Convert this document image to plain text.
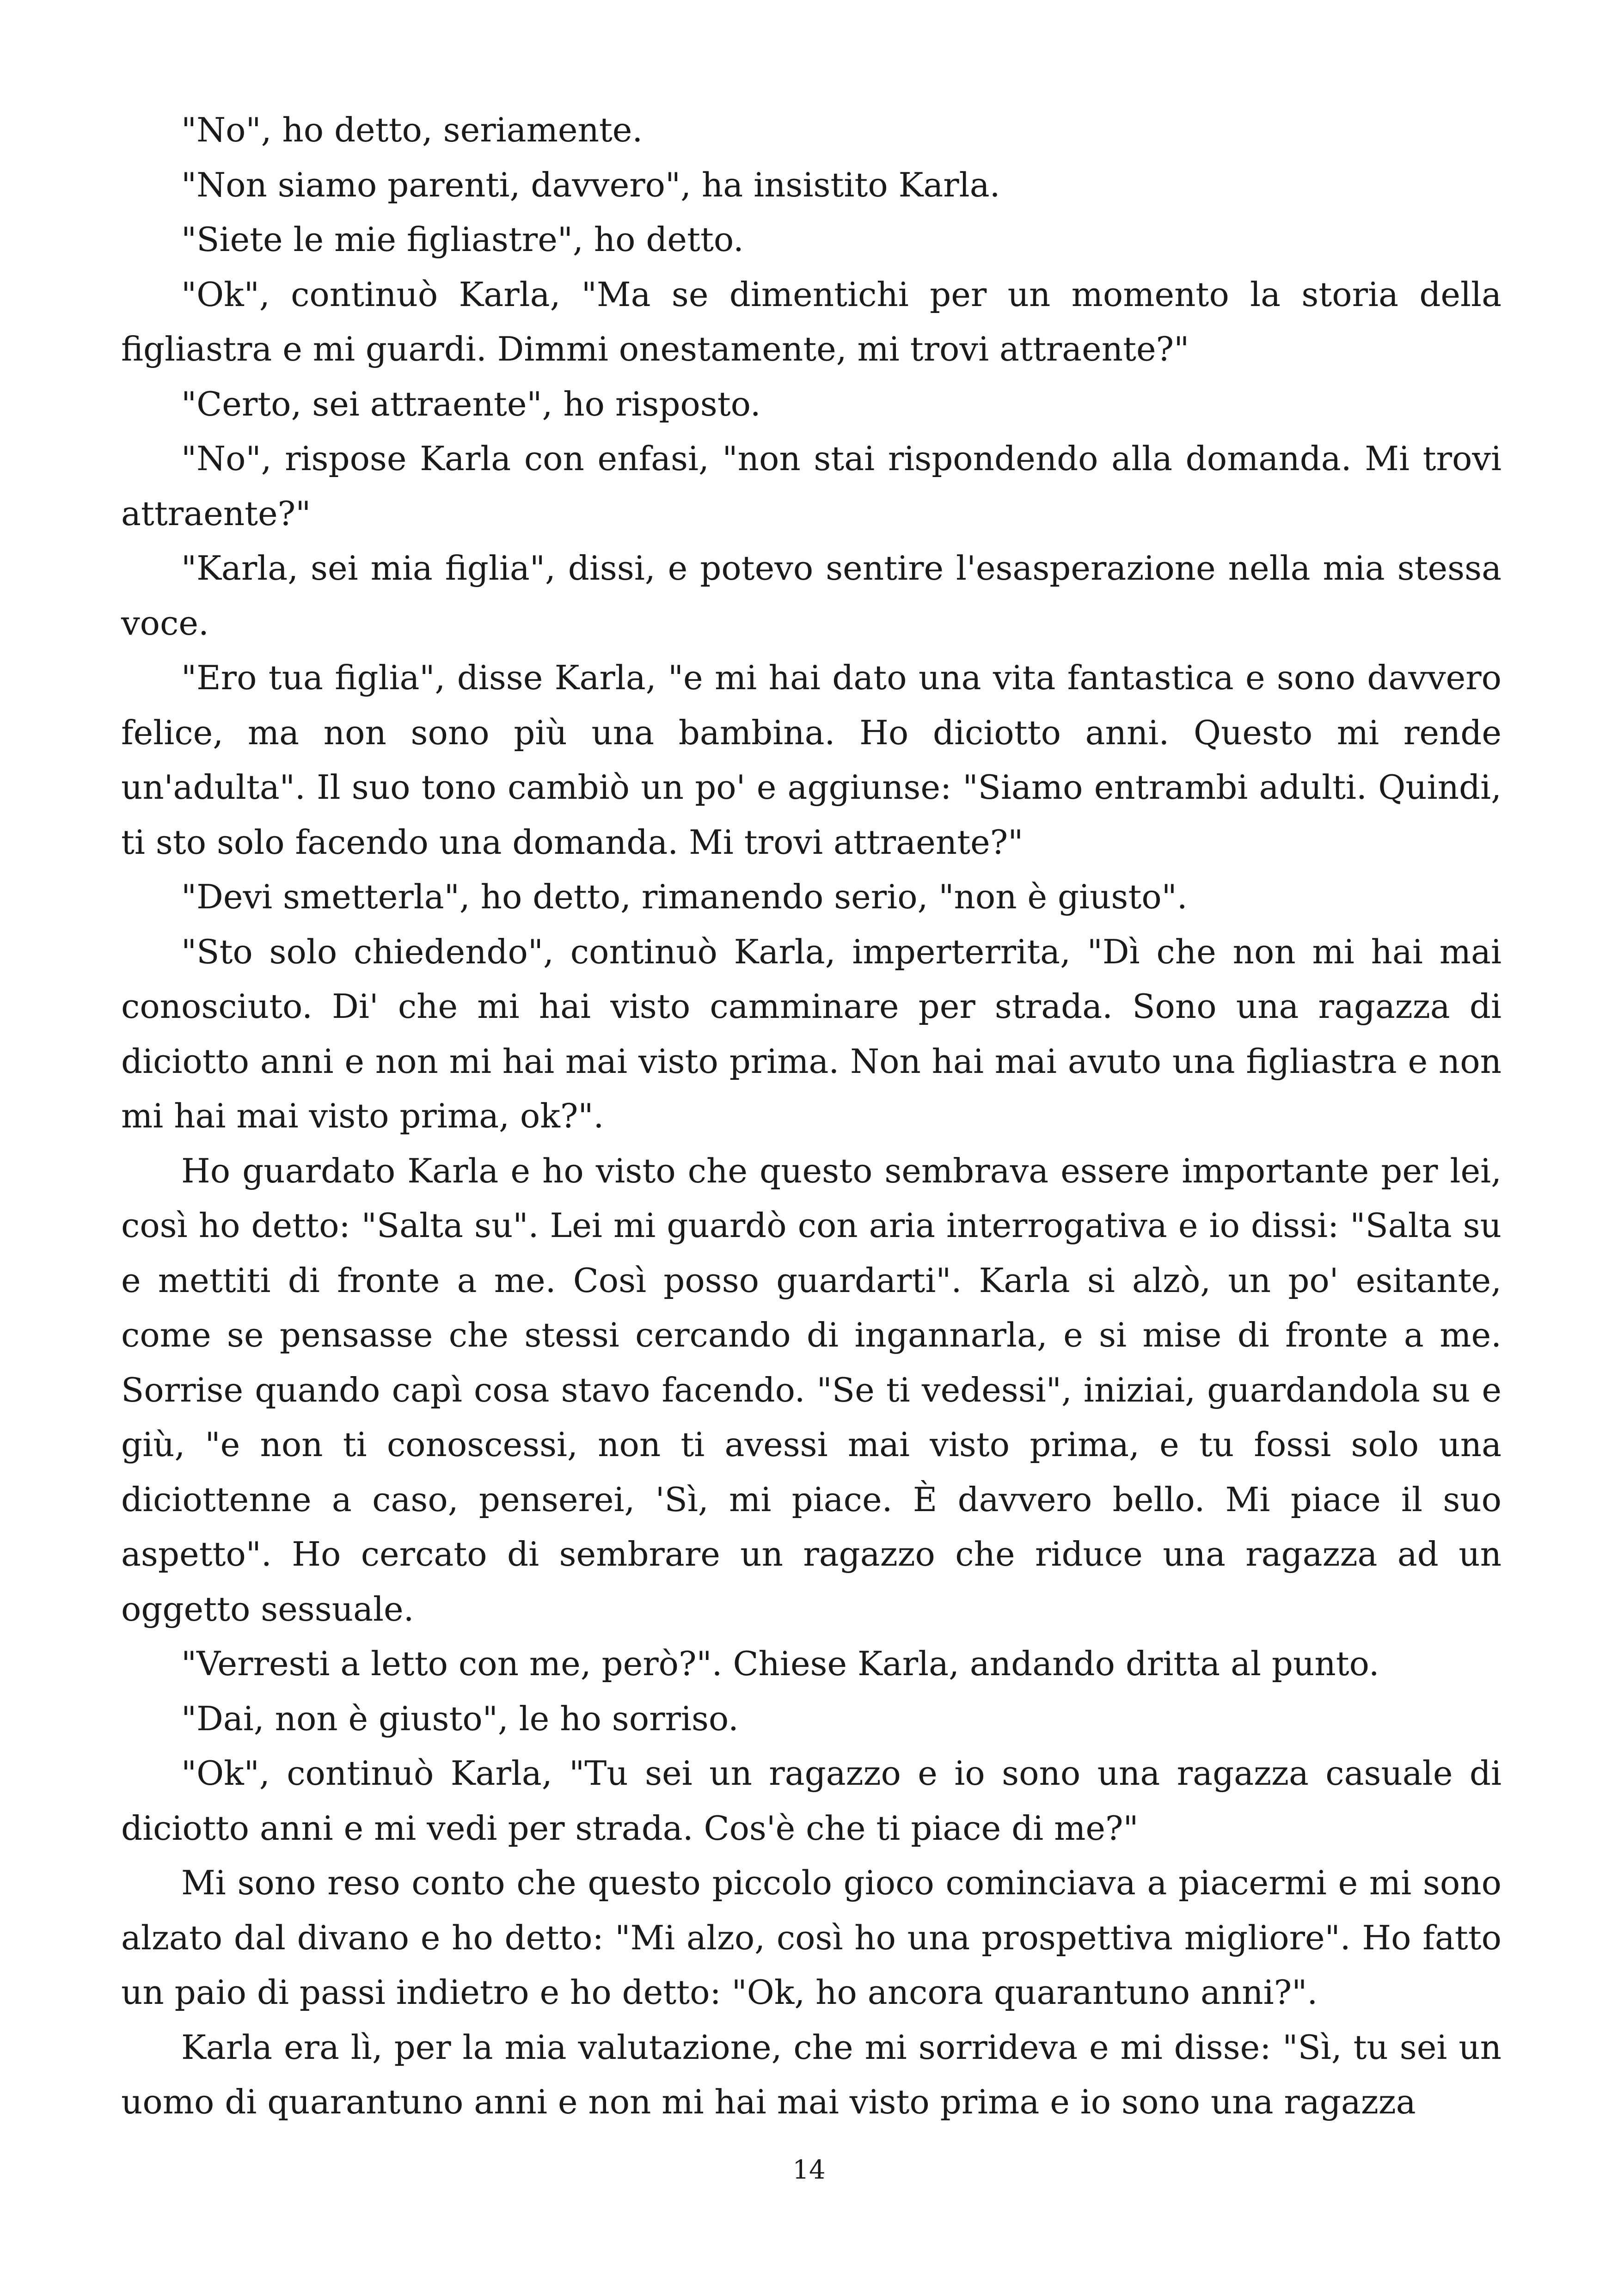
"No", ho detto, seriamente.

"Non siamo parenti, davvero", ha insistito Karla.

"Siete le mie figliastre", ho detto.

"Ok", continuò Karla, "Ma se dimentichi per un momento la storia della figliastra e mi guardi. Dimmi onestamente, mi trovi attraente?"

"Certo, sei attraente", ho risposto.

"No", rispose Karla con enfasi, "non stai rispondendo alla domanda. Mi trovi attraente?"

"Karla, sei mia figlia", dissi, e potevo sentire l'esasperazione nella mia stessa voce.

"Ero tua figlia", disse Karla, "e mi hai dato una vita fantastica e sono davvero felice, ma non sono più una bambina. Ho diciotto anni. Questo mi rende un'adulta". Il suo tono cambiò un po' e aggiunse: "Siamo entrambi adulti. Quindi, ti sto solo facendo una domanda. Mi trovi attraente?"

"Devi smetterla", ho detto, rimanendo serio, "non è giusto".

"Sto solo chiedendo", continuò Karla, imperterrita, "Dì che non mi hai mai conosciuto. Di' che mi hai visto camminare per strada. Sono una ragazza di diciotto anni e non mi hai mai visto prima. Non hai mai avuto una figliastra e non mi hai mai visto prima, ok?".

Ho guardato Karla e ho visto che questo sembrava essere importante per lei, così ho detto: "Salta su". Lei mi guardò con aria interrogativa e io dissi: "Salta su e mettiti di fronte a me. Così posso guardarti". Karla si alzò, un po' esitante, come se pensasse che stessi cercando di ingannarla, e si mise di fronte a me. Sorrise quando capì cosa stavo facendo. "Se ti vedessi", iniziai, guardandola su e giù, "e non ti conoscessi, non ti avessi mai visto prima, e tu fossi solo una diciottenne a caso, penserei, 'Sì, mi piace. È davvero bello. Mi piace il suo aspetto". Ho cercato di sembrare un ragazzo che riduce una ragazza ad un oggetto sessuale.

"Verresti a letto con me, però?". Chiese Karla, andando dritta al punto.

"Dai, non è giusto", le ho sorriso.

"Ok", continuò Karla, "Tu sei un ragazzo e io sono una ragazza casuale di diciotto anni e mi vedi per strada. Cos'è che ti piace di me?"

Mi sono reso conto che questo piccolo gioco cominciava a piacermi e mi sono alzato dal divano e ho detto: "Mi alzo, così ho una prospettiva migliore". Ho fatto un paio di passi indietro e ho detto: "Ok, ho ancora quarantuno anni?".

Karla era lì, per la mia valutazione, che mi sorrideva e mi disse: "Sì, tu sei un uomo di quarantuno anni e non mi hai mai visto prima e io sono una ragazza

14
